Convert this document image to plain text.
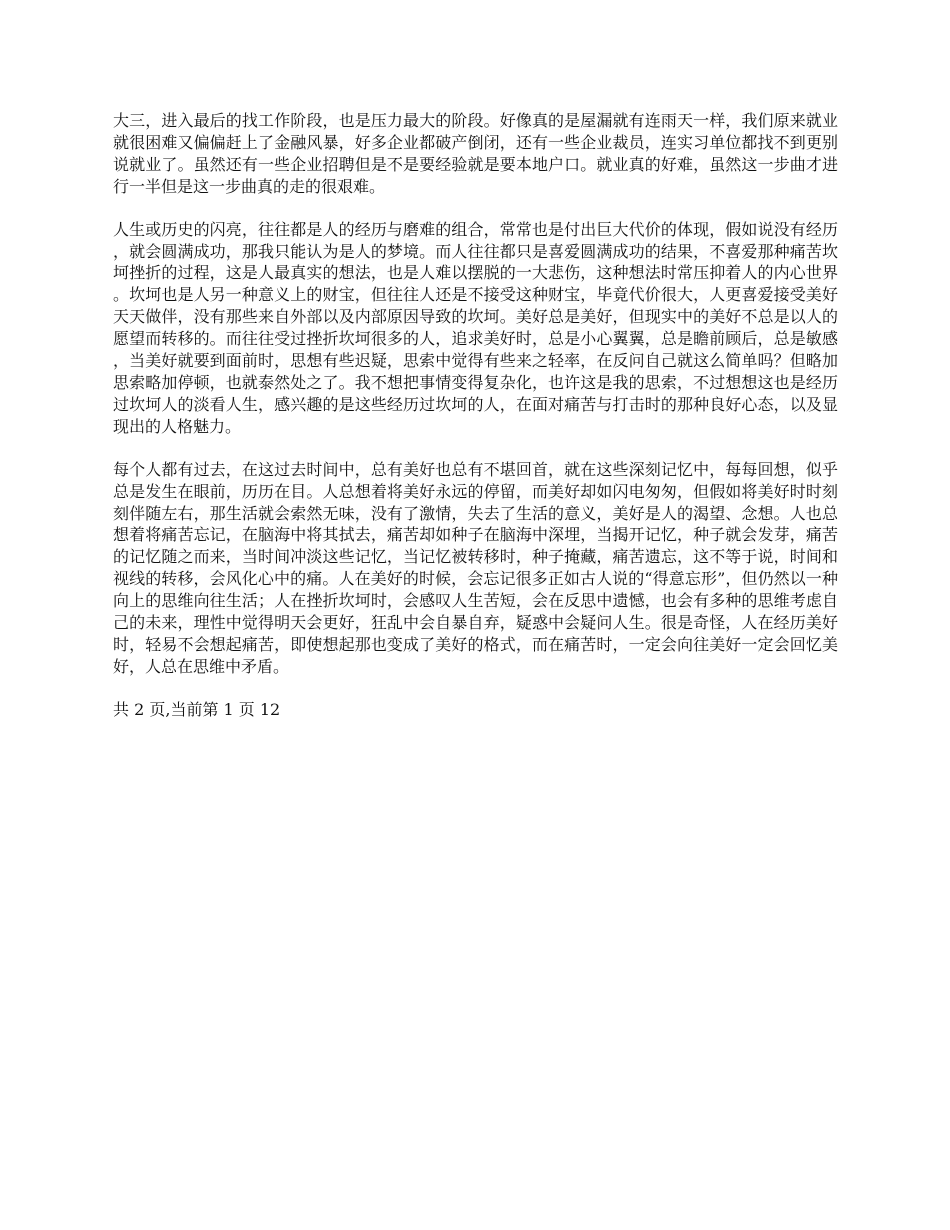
大三，进入最后的找工作阶段，也是压力最大的阶段。好像真的是屋漏就有连雨天一样，我们原来就业就很困难又偏偏赶上了金融风暴，好多企业都破产倒闭，还有一些企业裁员，连实习单位都找不到更别说就业了。虽然还有一些企业招聘但是不是要经验就是要本地户口。就业真的好难，虽然这一步曲才进行一半但是这一步曲真的走的很艰难。

人生或历史的闪亮，往往都是人的经历与磨难的组合，常常也是付出巨大代价的体现，假如说没有经历，就会圆满成功，那我只能认为是人的梦境。而人往往都只是喜爱圆满成功的结果，不喜爱那种痛苦坎坷挫折的过程，这是人最真实的想法，也是人难以摆脱的一大悲伤，这种想法时常压抑着人的内心世界。坎坷也是人另一种意义上的财宝，但往往人还是不接受这种财宝，毕竟代价很大，人更喜爱接受美好天天做伴，没有那些来自外部以及内部原因导致的坎坷。美好总是美好，但现实中的美好不总是以人的愿望而转移的。而往往受过挫折坎坷很多的人，追求美好时，总是小心翼翼，总是瞻前顾后，总是敏感，当美好就要到面前时，思想有些迟疑，思索中觉得有些来之轻率，在反问自己就这么简单吗？但略加思索略加停顿，也就泰然处之了。我不想把事情变得复杂化，也许这是我的思索，不过想想这也是经历过坎坷人的淡看人生，感兴趣的是这些经历过坎坷的人，在面对痛苦与打击时的那种良好心态，以及显现出的人格魅力。

每个人都有过去，在这过去时间中，总有美好也总有不堪回首，就在这些深刻记忆中，每每回想，似乎总是发生在眼前，历历在目。人总想着将美好永远的停留，而美好却如闪电匆匆，但假如将美好时时刻刻伴随左右，那生活就会索然无味，没有了激情，失去了生活的意义，美好是人的渴望、念想。人也总想着将痛苦忘记，在脑海中将其拭去，痛苦却如种子在脑海中深埋，当揭开记忆，种子就会发芽，痛苦的记忆随之而来，当时间冲淡这些记忆，当记忆被转移时，种子掩藏，痛苦遗忘，这不等于说，时间和视线的转移，会风化心中的痛。人在美好的时候，会忘记很多正如古人说的“得意忘形”，但仍然以一种向上的思维向往生活；人在挫折坎坷时，会感叹人生苦短，会在反思中遗憾，也会有多种的思维考虑自己的未来，理性中觉得明天会更好，狂乱中会自暴自弃，疑惑中会疑问人生。很是奇怪，人在经历美好时，轻易不会想起痛苦，即使想起那也变成了美好的格式，而在痛苦时，一定会向往美好一定会回忆美好，人总在思维中矛盾。

共 2 页,当前第 1 页 12
